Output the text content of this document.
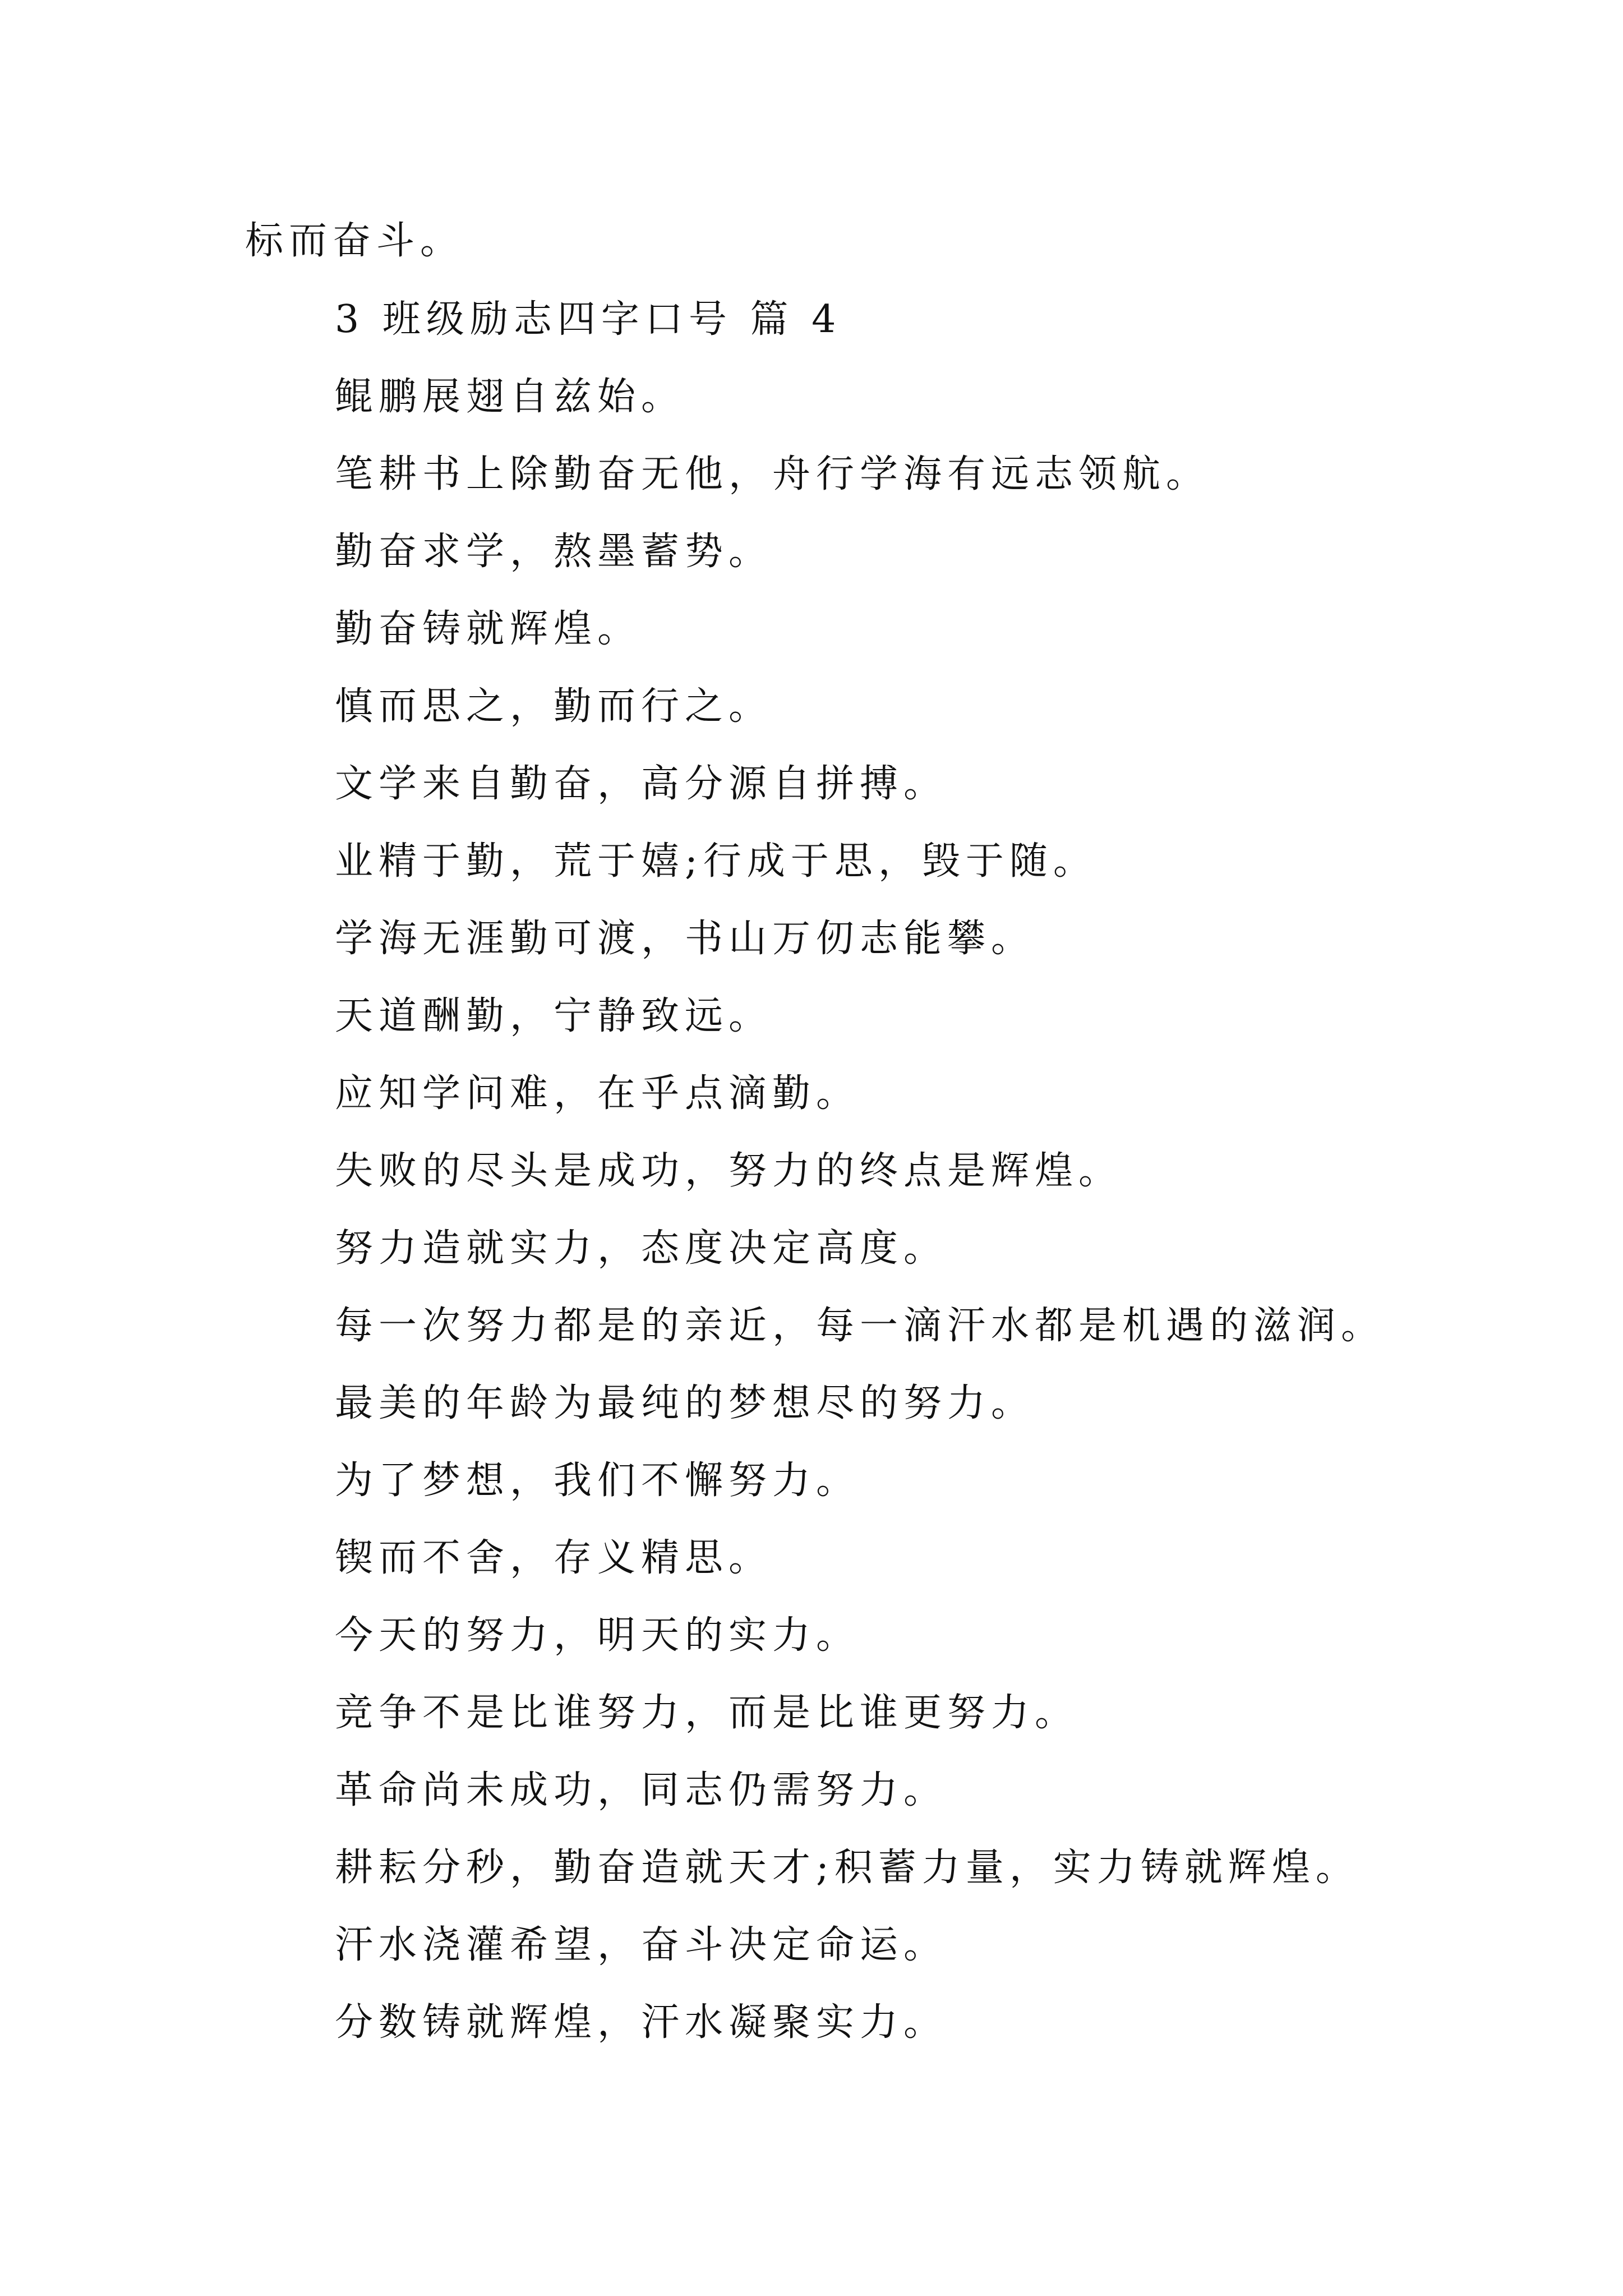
标而奋斗。

3 班级励志四字口号 篇 4

鲲鹏展翅自兹始。

笔耕书上除勤奋无他，舟行学海有远志领航。

勤奋求学，熬墨蓄势。

勤奋铸就辉煌。

慎而思之，勤而行之。

文学来自勤奋，高分源自拼搏。

业精于勤，荒于嬉;行成于思，毁于随。

学海无涯勤可渡，书山万仞志能攀。

天道酬勤，宁静致远。

应知学问难，在乎点滴勤。

失败的尽头是成功，努力的终点是辉煌。

努力造就实力，态度决定高度。

每一次努力都是的亲近，每一滴汗水都是机遇的滋润。

最美的年龄为最纯的梦想尽的努力。

为了梦想，我们不懈努力。

锲而不舍，存义精思。

今天的努力，明天的实力。

竞争不是比谁努力，而是比谁更努力。

革命尚未成功，同志仍需努力。

耕耘分秒，勤奋造就天才;积蓄力量，实力铸就辉煌。

汗水浇灌希望，奋斗决定命运。

分数铸就辉煌，汗水凝聚实力。
